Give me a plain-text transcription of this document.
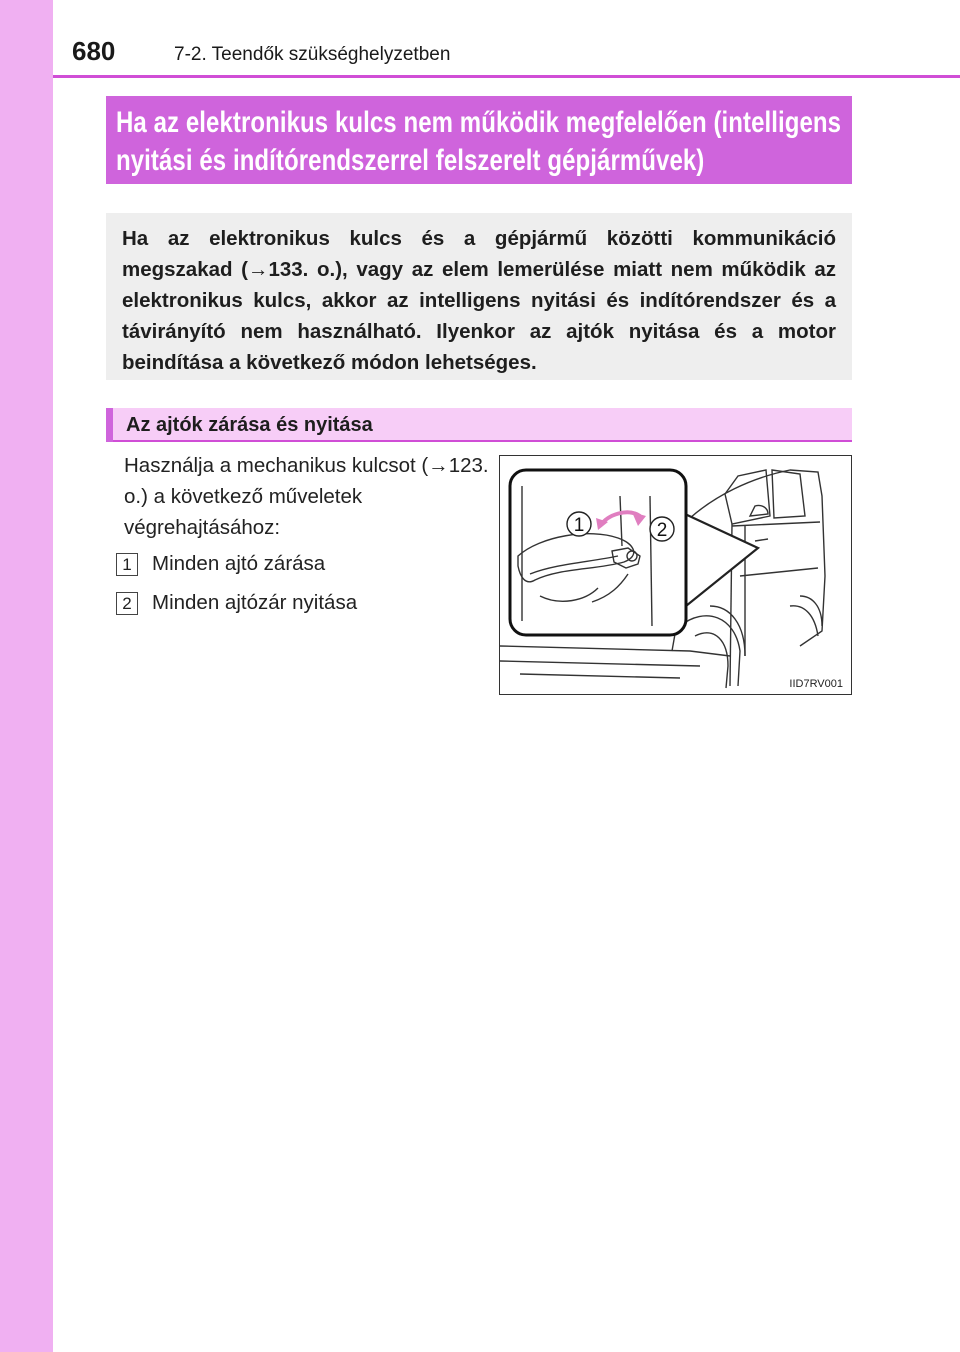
680	7-2. Teendők szükséghelyzetben
Ha az elektronikus kulcs nem működik megfelelően (intelligens nyitási és indítórendszerrel felszerelt gépjárművek)
Ha az elektronikus kulcs és a gépjármű közötti kommunikáció megszakad (→133. o.), vagy az elem lemerülése miatt nem működik az elektronikus kulcs, akkor az intelligens nyitási és indítórendszer és a távirányító nem használható. Ilyenkor az ajtók nyitása és a motor beindítása a következő módon lehetséges.
Az ajtók zárása és nyitása
Használja a mechanikus kulcsot (→123. o.) a következő műveletek végrehajtásához:
1 Minden ajtó zárása
2 Minden ajtózár nyitása
1	2
IID7RV001
